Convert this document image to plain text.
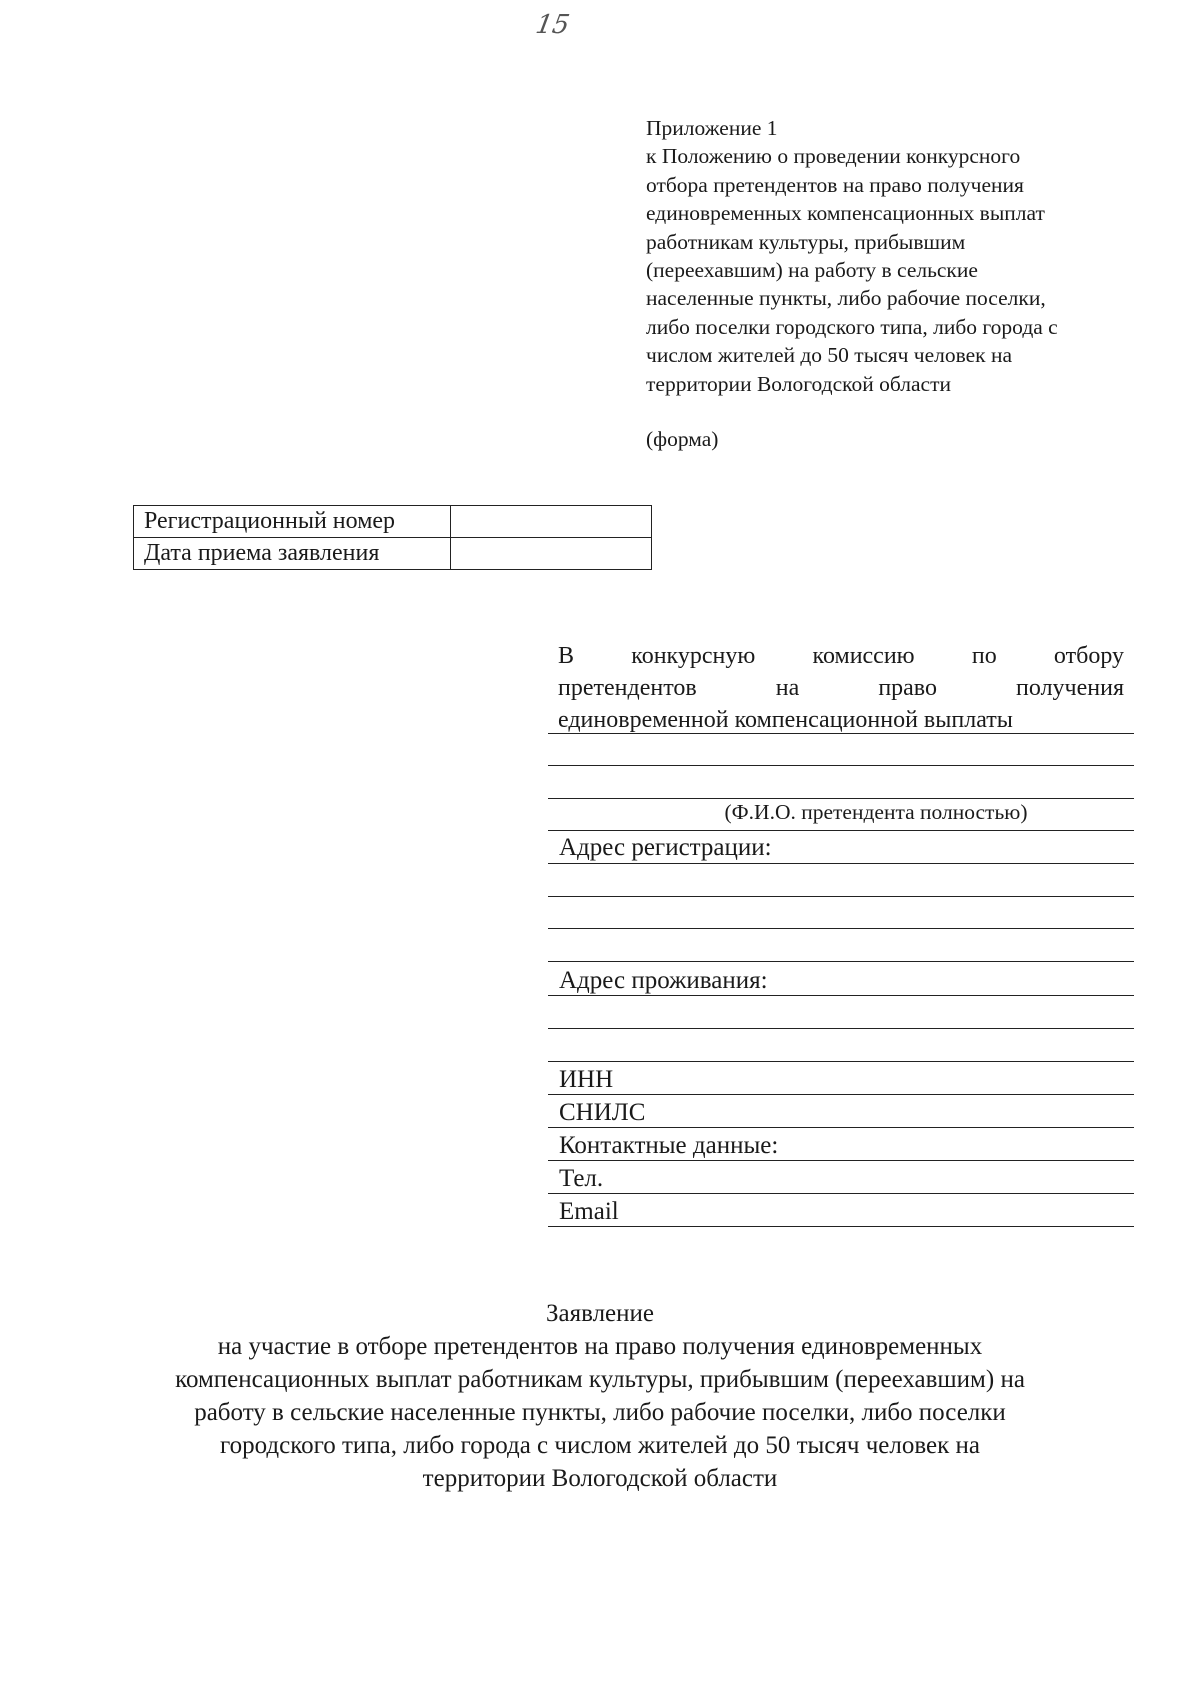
15
Приложение 1
к Положению о проведении конкурсного
отбора претендентов на право получения
единовременных компенсационных выплат
работникам культуры, прибывшим
(переехавшим) на работу в сельские
населенные пункты, либо рабочие поселки,
либо поселки городского типа, либо города с
числом жителей до 50 тысяч человек на
территории Вологодской области
(форма)
Регистрационный номер	
Дата приема заявления	
В конкурсную комиссию по отбору
претендентов на право получения
единовременной компенсационной выплаты
(Ф.И.О. претендента полностью)
Адрес регистрации:
Адрес проживания:
ИНН
СНИЛС
Контактные данные:
Тел.
Email
Заявление
на участие в отборе претендентов на право получения единовременных
компенсационных выплат работникам культуры, прибывшим (переехавшим) на
работу в сельские населенные пункты, либо рабочие поселки, либо поселки
городского типа, либо города с числом жителей до 50 тысяч человек на
территории Вологодской области
